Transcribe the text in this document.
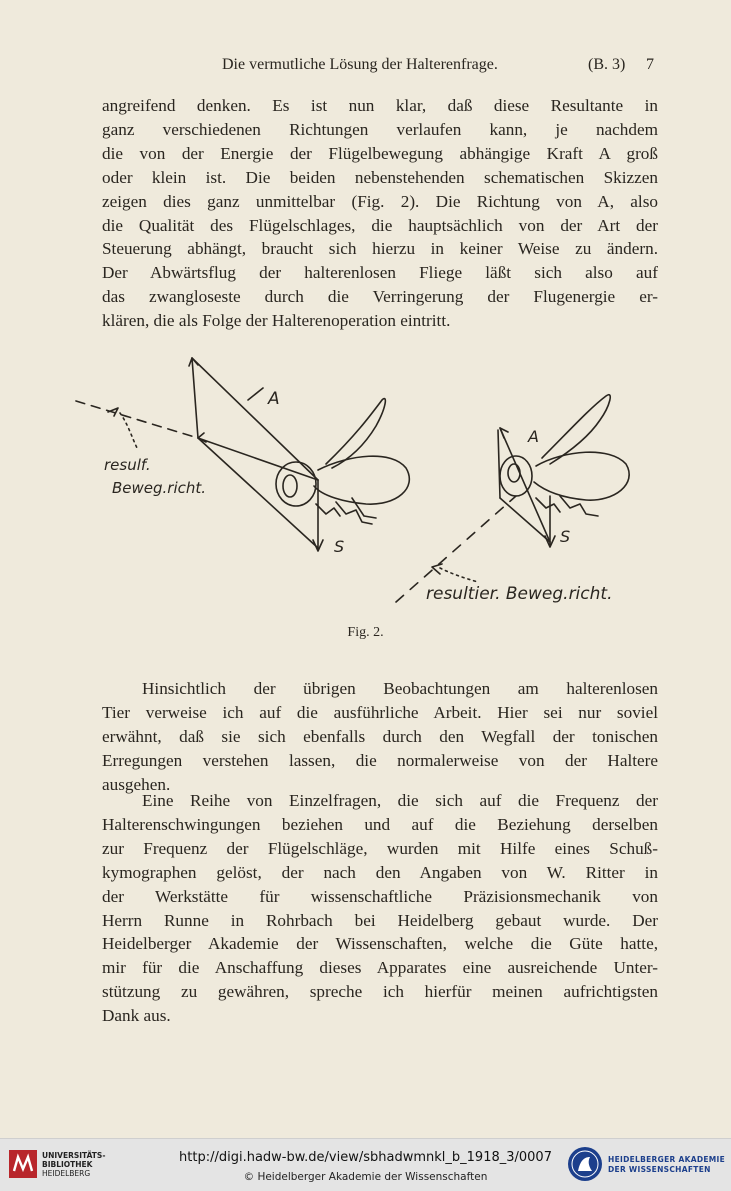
Die vermutliche Lösung der Halterenfrage.	(B. 3) 7

angreifend denken. Es ist nun klar, daß diese Resultante in
ganz verschiedenen Richtungen verlaufen kann, je nachdem
die von der Energie der Flügelbewegung abhängige Kraft A groß
oder klein ist. Die beiden nebenstehenden schematischen Skizzen
zeigen dies ganz unmittelbar (Fig. 2). Die Richtung von A, also
die Qualität des Flügelschlages, die hauptsächlich von der Art der
Steuerung abhängt, braucht sich hierzu in keiner Weise zu ändern.
Der Abwärtsflug der halterenlosen Fliege läßt sich also auf
das zwangloseste durch die Verringerung der Flugenergie er-
klären, die als Folge der Halterenoperation eintritt.

A
S
resulf.
Beweg.richt.
A
S
resultier. Beweg.richt.
Fig. 2.

Hinsichtlich der übrigen Beobachtungen am halterenlosen
Tier verweise ich auf die ausführliche Arbeit. Hier sei nur soviel
erwähnt, daß sie sich ebenfalls durch den Wegfall der tonischen
Erregungen verstehen lassen, die normalerweise von der Haltere
ausgehen.

Eine Reihe von Einzelfragen, die sich auf die Frequenz der
Halterenschwingungen beziehen und auf die Beziehung derselben
zur Frequenz der Flügelschläge, wurden mit Hilfe eines Schuß-
kymographen gelöst, der nach den Angaben von W. Ritter in
der Werkstätte für wissenschaftliche Präzisionsmechanik von
Herrn Runne in Rohrbach bei Heidelberg gebaut wurde. Der
Heidelberger Akademie der Wissenschaften, welche die Güte hatte,
mir für die Anschaffung dieses Apparates eine ausreichende Unter-
stützung zu gewähren, spreche ich hierfür meinen aufrichtigsten
Dank aus.

UNIVERSITÄTS-
BIBLIOTHEK
HEIDELBERG
http://digi.hadw-bw.de/view/sbhadwmnkl_b_1918_3/0007
© Heidelberger Akademie der Wissenschaften
HEIDELBERGER AKADEMIE
DER WISSENSCHAFTEN
